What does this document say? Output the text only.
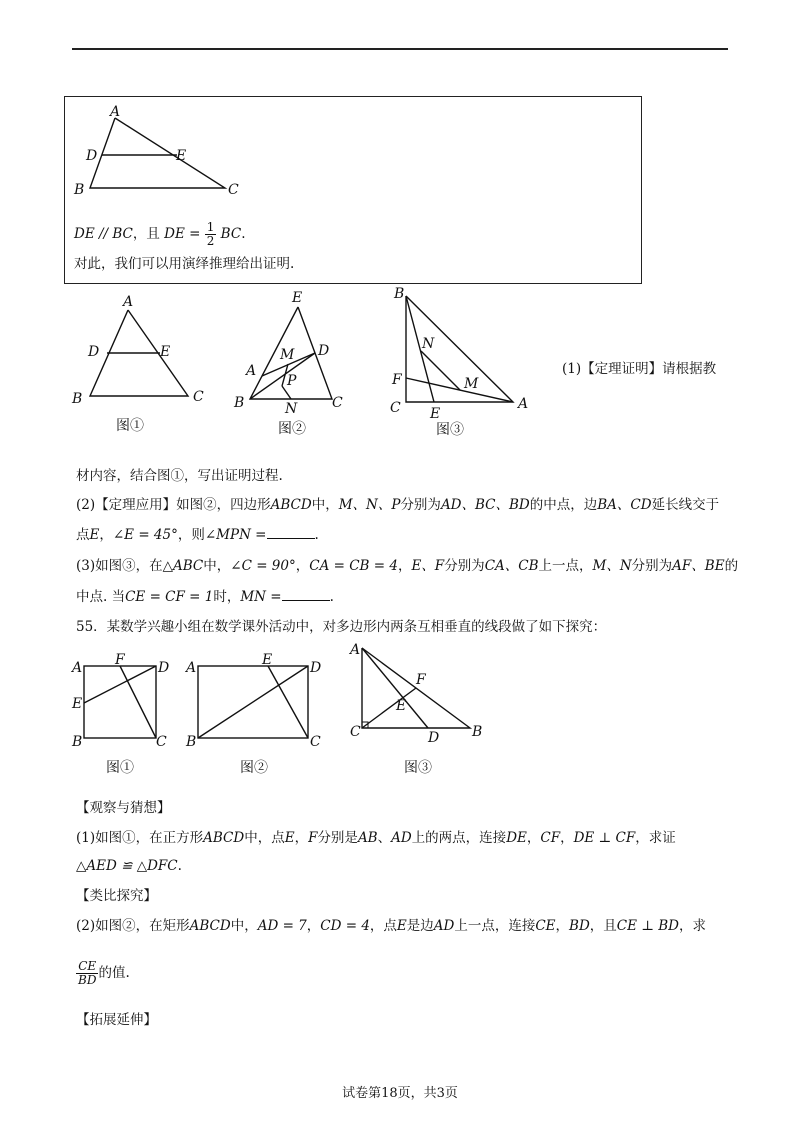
A
D	E
B	C
DE // BC，且 DE = $\frac{1}{2}$ BC.
对此，我们可以用演绎推理给出证明.
A
D	E
B	C
图①
E
M D
A
P
B	N C
图②
B
N
F	M
C E
A
图③
(1)【定理证明】请根据教
材内容，结合图①，写出证明过程.
(2)【定理应用】如图②，四边形ABCD中，M、N、P分别为AD、BC、BD的中点，边BA、CD延长线交于
点E，∠E = 45°，则∠MPN =	.
(3)如图③，在△ABC中，∠C = 90°，CA = CB = 4，E、F分别为CA、CB上一点，M、N分别为AF、BE的
中点. 当CE = CF = 1时，MN =	.
55．某数学兴趣小组在数学课外活动中，对多边形内两条互相垂直的线段做了如下探究：
A F D
E
B	C
图①
A	E	D
B	C
图②
A
F
E
C	D B
图③
【观察与猜想】
(1)如图①，在正方形ABCD中，点E，F分别是AB、AD上的两点，连接DE，CF，DE ⊥ CF，求证
△AED ≌ △DFC.
【类比探究】
(2)如图②，在矩形ABCD中，AD = 7，CD = 4，点E是边AD上一点，连接CE，BD，且CE ⊥ BD，求
$\frac{CE}{BD}$ 的值.
【拓展延伸】
试卷第18页，共3页
